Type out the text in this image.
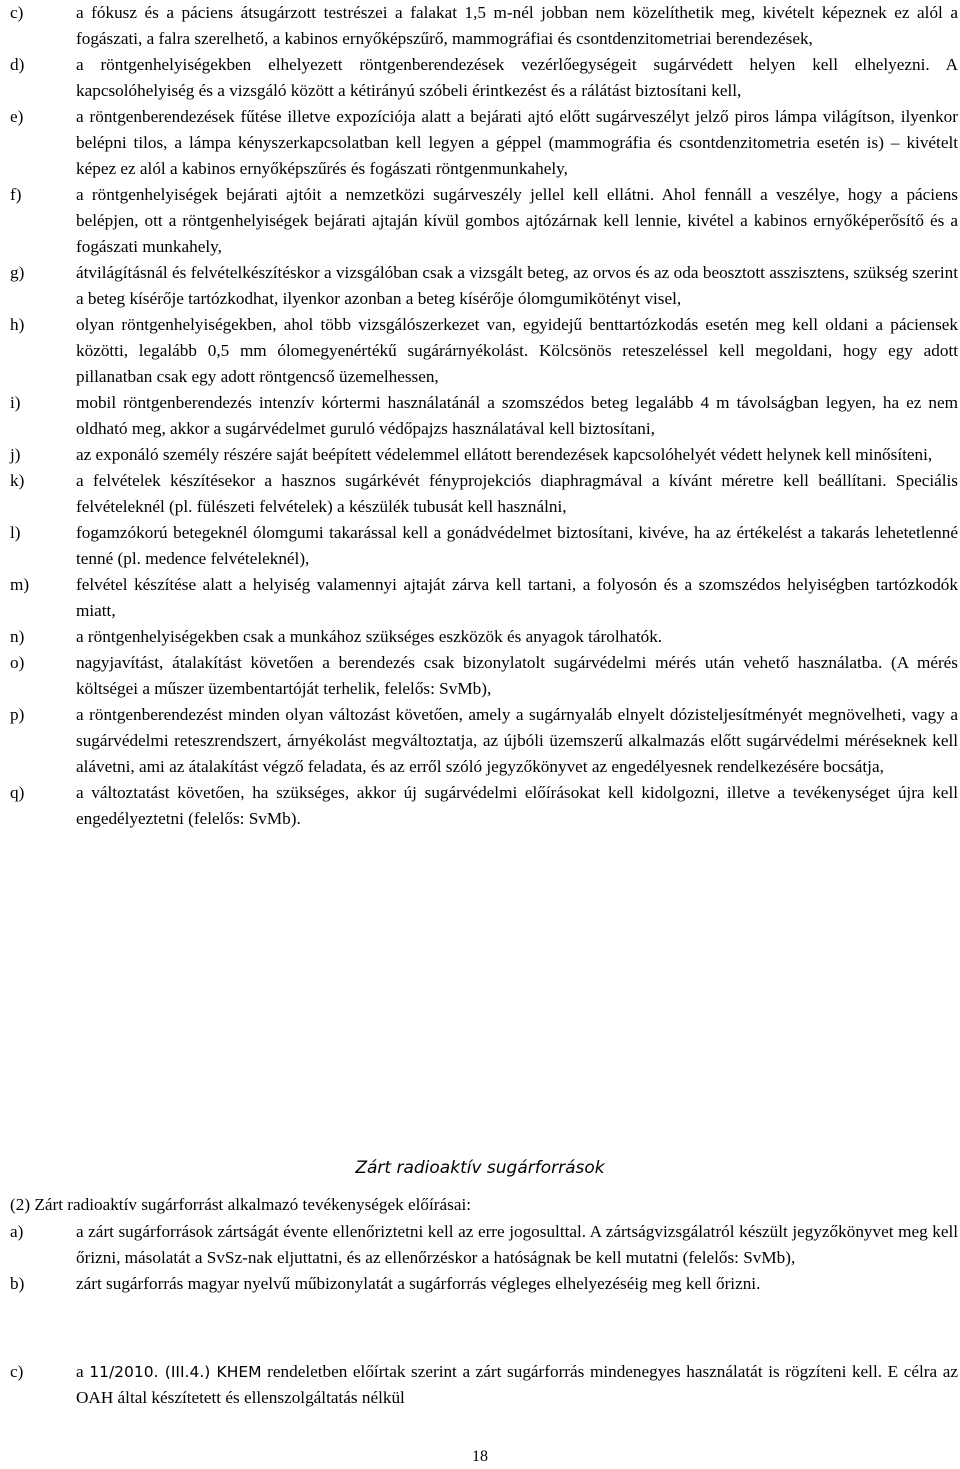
c)	a fókusz és a páciens átsugárzott testrészei a falakat 1,5 m-nél jobban nem közelíthetik meg, kivételt képeznek ez alól a fogászati, a falra szerelhető, a kabinos ernyőképszűrő, mammográfiai és csontdenzitometriai berendezések,
d)	a röntgenhelyiségekben elhelyezett röntgenberendezések vezérlőegységeit sugárvédett helyen kell elhelyezni. A kapcsolóhelyiség és a vizsgáló között a kétirányú szóbeli érintkezést és a rálátást biztosítani kell,
e)	a röntgenberendezések fűtése illetve expozíciója alatt a bejárati ajtó előtt sugárveszélyt jelző piros lámpa világítson, ilyenkor belépni tilos, a lámpa kényszerkapcsolatban kell legyen a géppel (mammográfia és csontdenzitometria esetén is) – kivételt képez ez alól a kabinos ernyőképszűrés és fogászati röntgenmunkahely,
f)	a röntgenhelyiségek bejárati ajtóit a nemzetközi sugárveszély jellel kell ellátni. Ahol fennáll a veszélye, hogy a páciens belépjen, ott a röntgenhelyiségek bejárati ajtaján kívül gombos ajtózárnak kell lennie, kivétel a kabinos ernyőképerősítő és a fogászati munkahely,
g)	átvilágításnál és felvételkészítéskor a vizsgálóban csak a vizsgált beteg, az orvos és az oda beosztott asszisztens, szükség szerint a beteg kísérője tartózkodhat, ilyenkor azonban a beteg kísérője ólomgumikötényt visel,
h)	olyan röntgenhelyiségekben, ahol több vizsgálószerkezet van, egyidejű benttartózkodás esetén meg kell oldani a páciensek közötti, legalább 0,5 mm ólomegyenértékű sugárárnyékolást. Kölcsönös reteszeléssel kell megoldani, hogy egy adott pillanatban csak egy adott röntgencső üzemelhessen,
i)	mobil röntgenberendezés intenzív kórtermi használatánál a szomszédos beteg legalább 4 m távolságban legyen, ha ez nem oldható meg, akkor a sugárvédelmet guruló védőpajzs használatával kell biztosítani,
j)	az exponáló személy részére saját beépített védelemmel ellátott berendezések kapcsolóhelyét védett helynek kell minősíteni,
k)	a felvételek készítésekor a hasznos sugárkévét fényprojekciós diaphragmával a kívánt méretre kell beállítani. Speciális felvételeknél (pl. fülészeti felvételek) a készülék tubusát kell használni,
l)	fogamzókorú betegeknél ólomgumi takarással kell a gonádvédelmet biztosítani, kivéve, ha az értékelést a takarás lehetetlenné tenné (pl. medence felvételeknél),
m)	felvétel készítése alatt a helyiség valamennyi ajtaját zárva kell tartani, a folyosón és a szomszédos helyiségben tartózkodók miatt,
n)	a röntgenhelyiségekben csak a munkához szükséges eszközök és anyagok tárolhatók.
o)	nagyjavítást, átalakítást követően a berendezés csak bizonylatolt sugárvédelmi mérés után vehető használatba. (A mérés költségei a műszer üzembentartóját terhelik, felelős: SvMb),
p)	a röntgenberendezést minden olyan változást követően, amely a sugárnyaláb elnyelt dózisteljesítményét megnövelheti, vagy a sugárvédelmi reteszrendszert, árnyékolást megváltoztatja, az újbóli üzemszerű alkalmazás előtt sugárvédelmi méréseknek kell alávetni, ami az átalakítást végző feladata, és az erről szóló jegyzőkönyvet az engedélyesnek rendelkezésére bocsátja,
q)	a változtatást követően, ha szükséges, akkor új sugárvédelmi előírásokat kell kidolgozni, illetve a tevékenységet újra kell engedélyeztetni (felelős: SvMb).
Zárt radioaktív sugárforrások
(2) Zárt radioaktív sugárforrást alkalmazó tevékenységek előírásai:
a)	a zárt sugárforrások zártságát évente ellenőriztetni kell az erre jogosulttal. A zártságvizsgálatról készült jegyzőkönyvet meg kell őrizni, másolatát a SvSz-nak eljuttatni, és az ellenőrzéskor a hatóságnak be kell mutatni (felelős: SvMb),
b)	zárt sugárforrás magyar nyelvű műbizonylatát a sugárforrás végleges elhelyezéséig meg kell őrizni.
c)	a 11/2010. (III.4.) KHEM rendeletben előírtak szerint a zárt sugárforrás mindenegyes használatát is rögzíteni kell. E célra az OAH által készítetett és ellenszolgáltatás nélkül
18
